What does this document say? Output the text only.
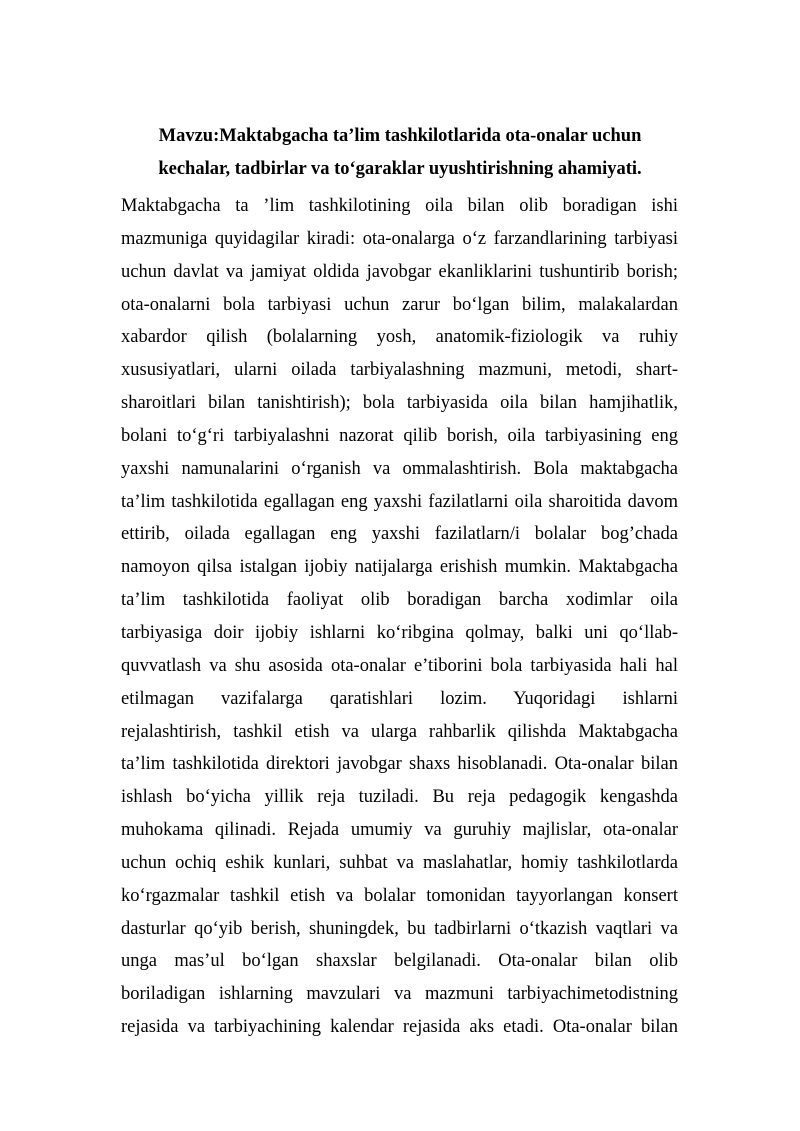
Mavzu:Maktabgacha ta’lim tashkilotlarida ota-onalar uchun
kechalar, tadbirlar va to‘garaklar uyushtirishning ahamiyati.
Maktabgacha ta ’lim tashkilotining oila bilan olib boradigan ishi
mazmuniga quyidagilar kiradi: ota-onalarga o‘z farzandlarining tarbiyasi
uchun davlat va jamiyat oldida javobgar ekanliklarini tushuntirib borish;
ota-onalarni bola tarbiyasi uchun zarur bo‘lgan bilim, malakalardan
xabardor qilish (bolalarning yosh, anatomik-fiziologik va ruhiy
xususiyatlari, ularni oilada tarbiyalashning mazmuni, metodi, shart-
sharoitlari bilan tanishtirish); bola tarbiyasida oila bilan hamjihatlik,
bolani to‘g‘ri tarbiyalashni nazorat qilib borish, oila tarbiyasining eng
yaxshi namunalarini o‘rganish va ommalashtirish. Bola maktabgacha
ta’lim tashkilotida egallagan eng yaxshi fazilatlarni oila sharoitida davom
ettirib, oilada egallagan eng yaxshi fazilatlarn/i bolalar bog’chada
namoyon qilsa istalgan ijobiy natijalarga erishish mumkin. Maktabgacha
ta’lim tashkilotida faoliyat olib boradigan barcha xodimlar oila
tarbiyasiga doir ijobiy ishlarni ko‘ribgina qolmay, balki uni qo‘llab-
quvvatlash va shu asosida ota-onalar e’tiborini bola tarbiyasida hali hal
etilmagan vazifalarga qaratishlari lozim. Yuqoridagi ishlarni
rejalashtirish, tashkil etish va ularga rahbarlik qilishda Maktabgacha
ta’lim tashkilotida direktori javobgar shaxs hisoblanadi. Ota-onalar bilan
ishlash bo‘yicha yillik reja tuziladi. Bu reja pedagogik kengashda
muhokama qilinadi. Rejada umumiy va guruhiy majlislar, ota-onalar
uchun ochiq eshik kunlari, suhbat va maslahatlar, homiy tashkilotlarda
ko‘rgazmalar tashkil etish va bolalar tomonidan tayyorlangan konsert
dasturlar qo‘yib berish, shuningdek, bu tadbirlarni o‘tkazish vaqtlari va
unga mas’ul bo‘lgan shaxslar belgilanadi. Ota-onalar bilan olib
boriladigan ishlarning mavzulari va mazmuni tarbiyachimetodistning
rejasida va tarbiyachining kalendar rejasida aks etadi. Ota-onalar bilan
